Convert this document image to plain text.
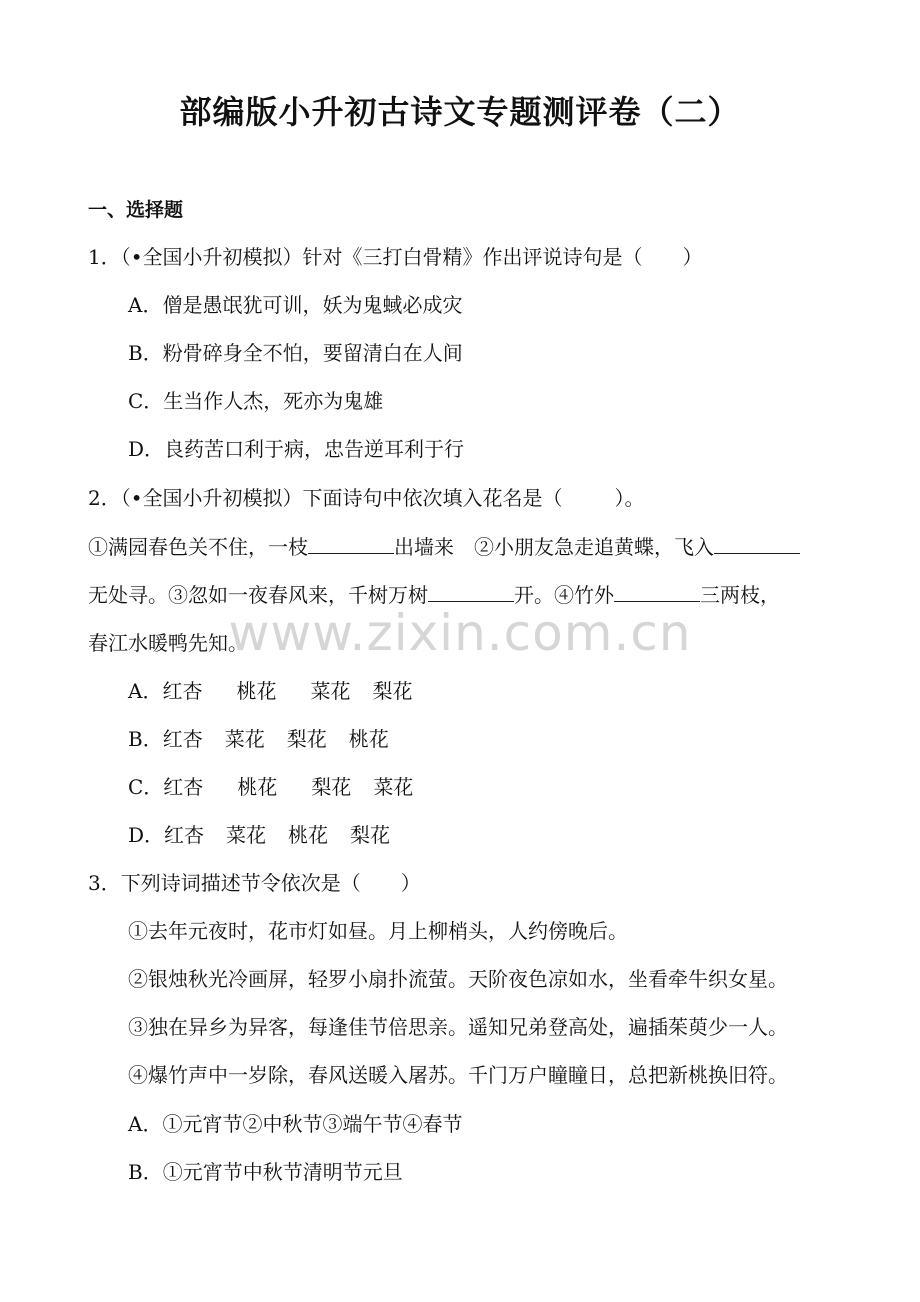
部编版小升初古诗文专题测评卷（二）
一、选择题
1．（•全国小升初模拟）针对《三打白骨精》作出评说诗句是（ ）
A．僧是愚氓犹可训，妖为鬼蜮必成灾
B．粉骨碎身全不怕，要留清白在人间
C．生当作人杰，死亦为鬼雄
D．良药苦口利于病，忠告逆耳利于行
2．（•全国小升初模拟）下面诗句中依次填入花名是（	）。
①满园春色关不住，一枝	出墙来　②小朋友急走追黄蝶，飞入
无处寻。③忽如一夜春风来，千树万树	开。④竹外	三两枝，
春江水暖鸭先知。
A．红杏 桃花 菜花 梨花
B．红杏 菜花 梨花 桃花
C．红杏 桃花 梨花 菜花
D．红杏 菜花 桃花 梨花
3．下列诗词描述节令依次是（ ）
①去年元夜时，花市灯如昼。月上柳梢头，人约傍晚后。
②银烛秋光冷画屏，轻罗小扇扑流萤。天阶夜色凉如水，坐看牵牛织女星。
③独在异乡为异客，每逢佳节倍思亲。遥知兄弟登高处，遍插茱萸少一人。
④爆竹声中一岁除，春风送暖入屠苏。千门万户瞳瞳日，总把新桃换旧符。
A．①元宵节②中秋节③端午节④春节
B．①元宵节中秋节清明节元旦
www.zixin.com.cn
